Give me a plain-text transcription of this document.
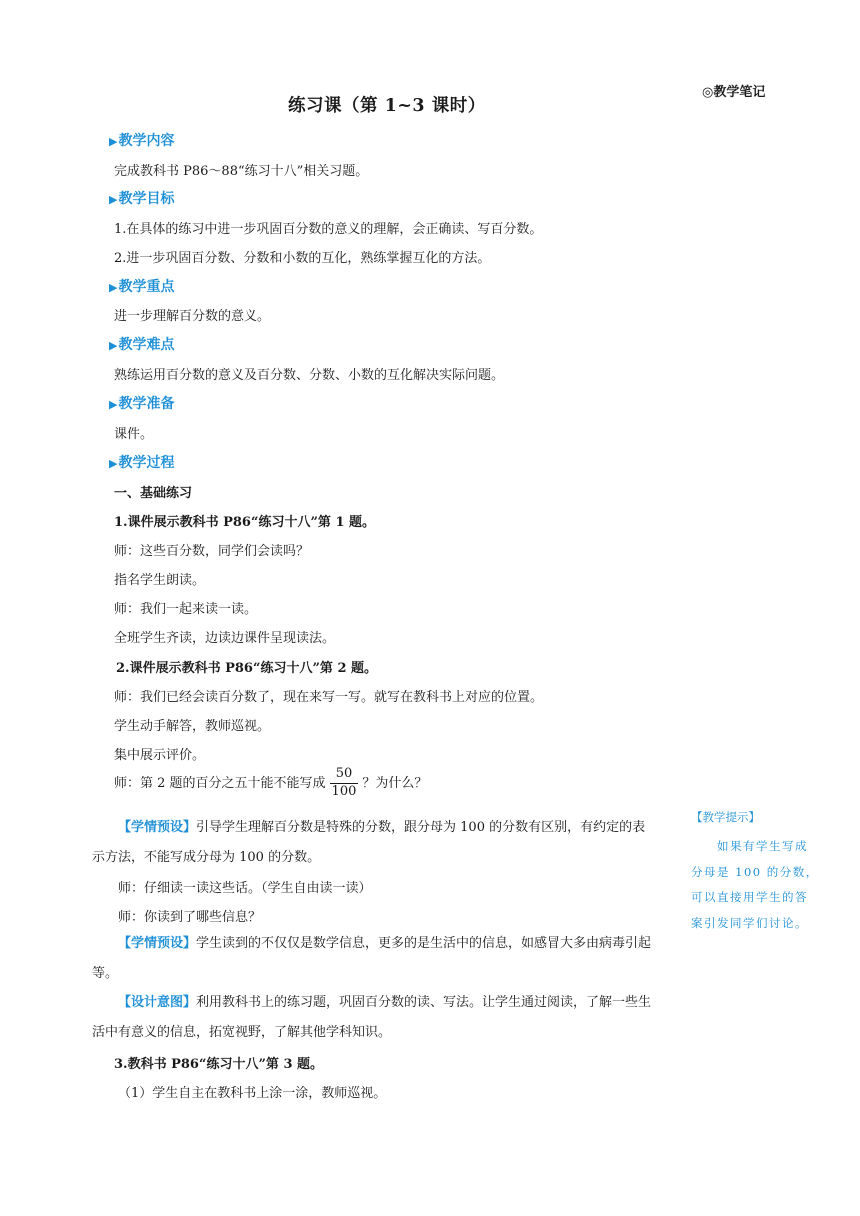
练习课（第 1~3 课时）
◎教学笔记
▶教学内容
完成教科书 P86～88“练习十八”相关习题。
▶教学目标
1.在具体的练习中进一步巩固百分数的意义的理解，会正确读、写百分数。
2.进一步巩固百分数、分数和小数的互化，熟练掌握互化的方法。
▶教学重点
进一步理解百分数的意义。
▶教学难点
熟练运用百分数的意义及百分数、分数、小数的互化解决实际问题。
▶教学准备
课件。
▶教学过程
一、基础练习
1.课件展示教科书 P86“练习十八”第 1 题。
师：这些百分数，同学们会读吗？
指名学生朗读。
师：我们一起来读一读。
全班学生齐读，边读边课件呈现读法。
2.课件展示教科书 P86“练习十八”第 2 题。
师：我们已经会读百分数了，现在来写一写。就写在教科书上对应的位置。
学生动手解答，教师巡视。
集中展示评价。
师：第 2 题的百分之五十能不能写成 $\frac{50}{100}$ ？为什么？
【学情预设】引导学生理解百分数是特殊的分数，跟分母为 100 的分数有区别，有约定的表示方法，不能写成分母为 100 的分数。
师：仔细读一读这些话。（学生自由读一读）
师：你读到了哪些信息？
【学情预设】学生读到的不仅仅是数学信息，更多的是生活中的信息，如感冒大多由病毒引起等。
【设计意图】利用教科书上的练习题，巩固百分数的读、写法。让学生通过阅读，了解一些生活中有意义的信息，拓宽视野，了解其他学科知识。
3.教科书 P86“练习十八”第 3 题。
（1）学生自主在教科书上涂一涂，教师巡视。
【教学提示】
如果有学生写成分母是 100 的分数，可以直接用学生的答案引发同学们讨论。
